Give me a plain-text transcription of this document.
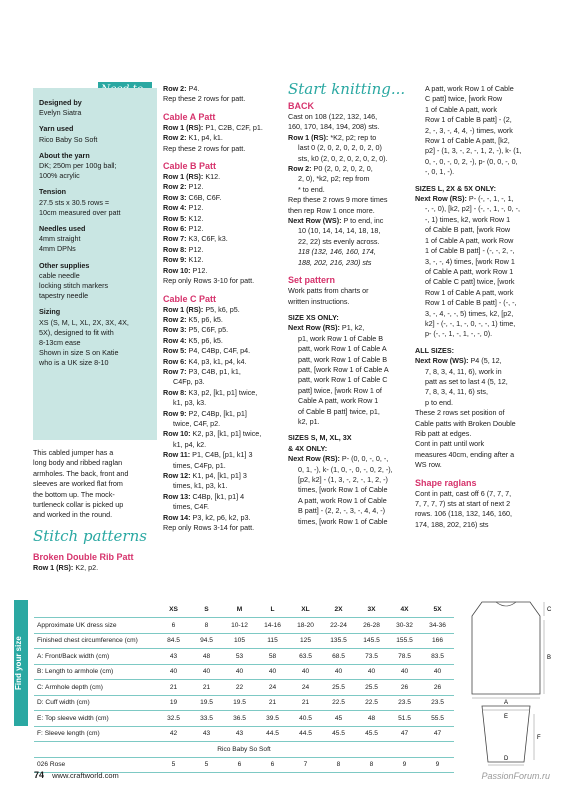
Designed by
Evelyn Siatra
Yarn used
Rico Baby So Soft
About the yarn
DK; 250m per 100g ball;
100% acrylic
Tension
27.5 sts x 30.5 rows =
10cm measured over patt
Needles used
4mm straight
4mm DPNs
Other supplies
cable needle
locking stitch markers
tapestry needle
Sizing
XS (S, M, L, XL, 2X, 3X, 4X,
5X), designed to fit with
8-13cm ease
Shown in size S on Katie
who is a UK size 8-10
This cabled jumper has a
long body and ribbed raglan
armholes. The back, front and
sleeves are worked flat from
the bottom up. The mock-
turtleneck collar is picked up
and worked in the round.
Stitch patterns
Broken Double Rib Patt
Row 1 (RS): K2, p2.
Row 2: P4.
Rep these 2 rows for patt.
Cable A Patt
Row 1 (RS): P1, C2B, C2F, p1.
Row 2: K1, p4, k1.
Rep these 2 rows for patt.
Cable B Patt
Row 1 (RS): K12.
Row 2: P12.
Row 3: C6B, C6F.
Row 4: P12.
Row 5: K12.
Row 6: P12.
Row 7: K3, C6F, k3.
Row 8: P12.
Row 9: K12.
Row 10: P12.
Rep only Rows 3-10 for patt.
Cable C Patt
Row 1 (RS): P5, k6, p5.
Row 2: K5, p6, k5.
Row 3: P5, C6F, p5.
Row 4: K5, p6, k5.
Row 5: P4, C4Bp, C4F, p4.
Row 6: K4, p3, k1, p4, k4.
Row 7: P3, C4B, p1, k1,
C4Fp, p3.
Row 8: K3, p2, [k1, p1] twice,
k1, p3, k3.
Row 9: P2, C4Bp, [k1, p1]
twice, C4F, p2.
Row 10: K2, p3, [k1, p1] twice,
k1, p4, k2.
Row 11: P1, C4B, [p1, k1] 3
times, C4Fp, p1.
Row 12: K1, p4, [k1, p1] 3
times, k1, p3, k1.
Row 13: C4Bp, [k1, p1] 4
times, C4F.
Row 14: P3, k2, p6, k2, p3.
Rep only Rows 3-14 for patt.
Start knitting...
BACK
Cast on 108 (122, 132, 146,
160, 170, 184, 194, 208) sts.
Row 1 (RS): *K2, p2; rep to
last 0 (2, 0, 2, 0, 2, 0, 2, 0)
sts, k0 (2, 0, 2, 0, 2, 0, 2, 0).
Row 2: P0 (2, 0, 2, 0, 2, 0,
2, 0), *k2, p2; rep from
* to end.
Rep these 2 rows 9 more times
then rep Row 1 once more.
Next Row (WS): P to end, inc
10 (10, 14, 14, 14, 18, 18,
22, 22) sts evenly across.
118 (132, 146, 160, 174,
188, 202, 216, 230) sts
Set pattern
Work patts from charts or
written instructions.
SIZE XS ONLY:
Next Row (RS): P1, k2,
p1, work Row 1 of Cable B
patt, work Row 1 of Cable A
patt, work Row 1 of Cable B
patt, [work Row 1 of Cable A
patt, work Row 1 of Cable C
patt] twice, [work Row 1 of
Cable A patt, work Row 1
of Cable B patt] twice, p1,
k2, p1.
SIZES S, M, XL, 3X
& 4X ONLY:
Next Row (RS): P- (0, 0, -, 0, -,
0, 1, -), k- (1, 0, -, 0, -, 0, 2, -),
[p2, k2] - (1, 3, -, 2, -, 1, 2, -)
times, [work Row 1 of Cable
A patt, work Row 1 of Cable
B patt] - (2, 2, -, 3, -, 4, 4, -)
times, [work Row 1 of Cable
A patt, work Row 1 of Cable
C patt] twice, [work Row
1 of Cable A patt, work
Row 1 of Cable B patt] - (2,
2, -, 3, -, 4, 4, -) times, work
Row 1 of Cable A patt, [k2,
p2] - (1, 3, -, 2, -, 1, 2, -), k- (1,
0, -, 0, -, 0, 2, -), p- (0, 0, -, 0,
-, 0, 1, -).
SIZES L, 2X & 5X ONLY:
Next Row (RS): P- (-, -, 1, -, 1,
-, -, 0), [k2, p2] - (-, -, 1, -, 0, -,
-, 1) times, k2, work Row 1
of Cable B patt, [work Row
1 of Cable A patt, work Row
1 of Cable B patt] - (-, -, 2, -,
3, -, -, 4) times, [work Row 1
of Cable A patt, work Row 1
of Cable C patt] twice, [work
Row 1 of Cable A patt, work
Row 1 of Cable B patt] - (-, -,
3, -, 4, -, -, 5) times, k2, [p2,
k2] - (-, -, 1, -, 0, -, -, 1) time,
p- (-, -, 1, -, 1, -, -, 0).
ALL SIZES:
Next Row (WS): P4 (5, 12,
7, 8, 3, 4, 11, 6), work in
patt as set to last 4 (5, 12,
7, 8, 3, 4, 11, 6) sts,
p to end.
These 2 rows set position of
Cable patts with Broken Double
Rib patt at edges.
Cont in patt until work
measures 40cm, ending after a
WS row.
Shape raglans
Cont in patt, cast off 6 (7, 7, 7,
7, 7, 7, 7) sts at start of next 2
rows. 106 (118, 132, 146, 160,
174, 188, 202, 216) sts
Find your size
	XS	S	M	L	XL	2X	3X	4X	5X
Approximate UK dress size	6	8	10-12	14-16	18-20	22-24	26-28	30-32	34-36
Finished chest circumference (cm)	84.5	94.5	105	115	125	135.5	145.5	155.5	166
A: Front/Back width (cm)	43	48	53	58	63.5	68.5	73.5	78.5	83.5
B: Length to armhole (cm)	40	40	40	40	40	40	40	40	40
C: Armhole depth (cm)	21	21	22	24	24	25.5	25.5	26	26
D: Cuff width (cm)	19	19.5	19.5	21	21	22.5	22.5	23.5	23.5
E: Top sleeve width (cm)	32.5	33.5	36.5	39.5	40.5	45	48	51.5	55.5
F: Sleeve length (cm)	42	43	43	44.5	44.5	45.5	45.5	47	47
Rico Baby So Soft									
026 Rose	5	5	6	6	7	8	8	9	9
C
A
B
E
D
F
74 www.craftworld.com	PassionForum.ru
